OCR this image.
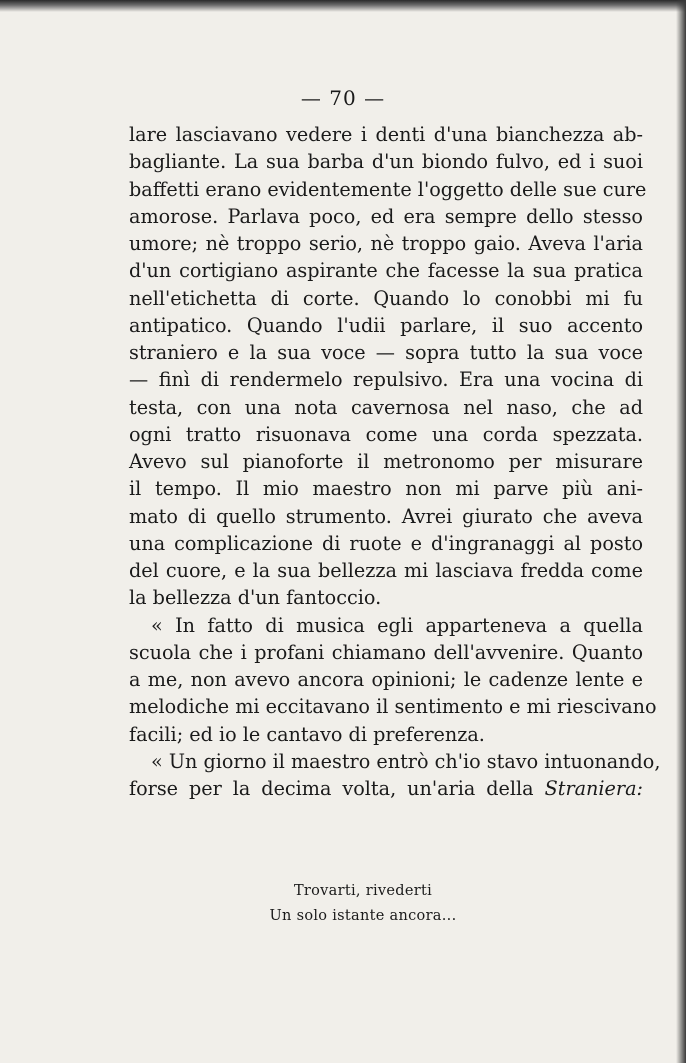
— 70 —
lare lasciavano vedere i denti d'una bianchezza ab-
bagliante. La sua barba d'un biondo fulvo, ed i suoi
baffetti erano evidentemente l'oggetto delle sue cure
amorose. Parlava poco, ed era sempre dello stesso
umore; nè troppo serio, nè troppo gaio. Aveva l'aria
d'un cortigiano aspirante che facesse la sua pratica
nell'etichetta di corte. Quando lo conobbi mi fu
antipatico. Quando l'udii parlare, il suo accento
straniero e la sua voce — sopra tutto la sua voce
— finì di rendermelo repulsivo. Era una vocina di
testa, con una nota cavernosa nel naso, che ad
ogni tratto risuonava come una corda spezzata.
Avevo sul pianoforte il metronomo per misurare
il tempo. Il mio maestro non mi parve più ani-
mato di quello strumento. Avrei giurato che aveva
una complicazione di ruote e d'ingranaggi al posto
del cuore, e la sua bellezza mi lasciava fredda come
la bellezza d'un fantoccio.
« In fatto di musica egli apparteneva a quella
scuola che i profani chiamano dell'avvenire. Quanto
a me, non avevo ancora opinioni; le cadenze lente e
melodiche mi eccitavano il sentimento e mi riescivano
facili; ed io le cantavo di preferenza.
« Un giorno il maestro entrò ch'io stavo intuonando,
forse per la decima volta, un'aria della Straniera:
Trovarti, rivederti
Un solo istante ancora...
